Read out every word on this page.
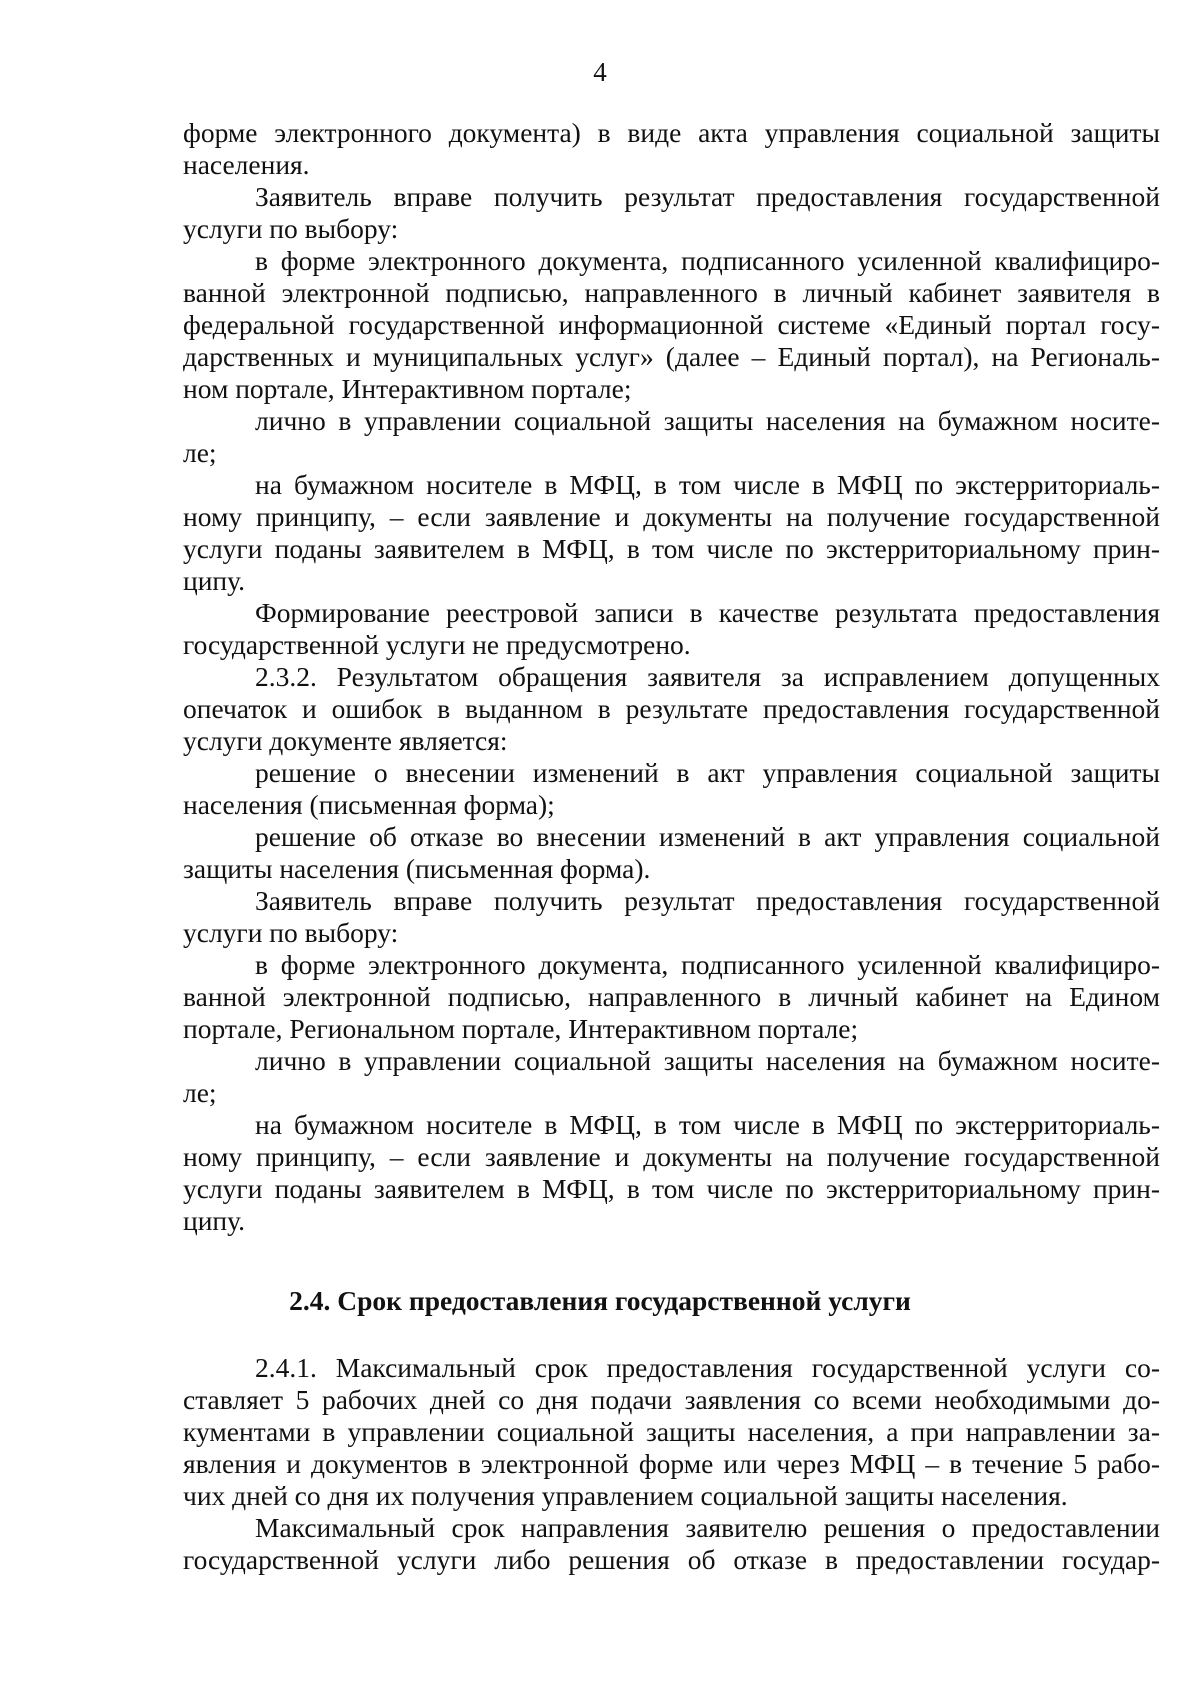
4
форме электронного документа) в виде акта управления социальной защиты
населения.
Заявитель вправе получить результат предоставления государственной
услуги по выбору:
в форме электронного документа, подписанного усиленной квалифициро-
ванной электронной подписью, направленного в личный кабинет заявителя в
федеральной государственной информационной системе «Единый портал госу-
дарственных и муниципальных услуг» (далее – Единый портал), на Региональ-
ном портале, Интерактивном портале;
лично в управлении социальной защиты населения на бумажном носите-
ле;
на бумажном носителе в МФЦ, в том числе в МФЦ по экстерриториаль-
ному принципу, – если заявление и документы на получение государственной
услуги поданы заявителем в МФЦ, в том числе по экстерриториальному прин-
ципу.
Формирование реестровой записи в качестве результата предоставления
государственной услуги не предусмотрено.
2.3.2. Результатом обращения заявителя за исправлением допущенных
опечаток и ошибок в выданном в результате предоставления государственной
услуги документе является:
решение о внесении изменений в акт управления социальной защиты
населения (письменная форма);
решение об отказе во внесении изменений в акт управления социальной
защиты населения (письменная форма).
Заявитель вправе получить результат предоставления государственной
услуги по выбору:
в форме электронного документа, подписанного усиленной квалифициро-
ванной электронной подписью, направленного в личный кабинет на Едином
портале, Региональном портале, Интерактивном портале;
лично в управлении социальной защиты населения на бумажном носите-
ле;
на бумажном носителе в МФЦ, в том числе в МФЦ по экстерриториаль-
ному принципу, – если заявление и документы на получение государственной
услуги поданы заявителем в МФЦ, в том числе по экстерриториальному прин-
ципу.
2.4. Срок предоставления государственной услуги
2.4.1. Максимальный срок предоставления государственной услуги со-
ставляет 5 рабочих дней со дня подачи заявления со всеми необходимыми до-
кументами в управлении социальной защиты населения, а при направлении за-
явления и документов в электронной форме или через МФЦ – в течение 5 рабо-
чих дней со дня их получения управлением социальной защиты населения.
Максимальный срок направления заявителю решения о предоставлении
государственной услуги либо решения об отказе в предоставлении государ-
